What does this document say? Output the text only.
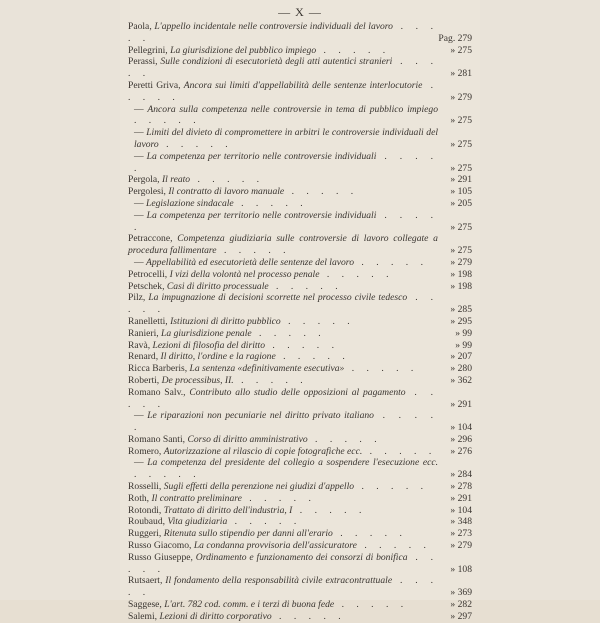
— X —
Paola, L'appello incidentale nelle controversie individuali del lavoro . . . . .	Pag. 279
Pellegrini, La giurisdizione del pubblico impiego . . . . .	» 275
Perassi, Sulle condizioni di esecutorietà degli atti autentici stranieri . . . . .	» 281
Peretti Griva, Ancora sui limiti d'appellabilità delle sentenze interlocutorie . . . . .	» 279
— Ancora sulla competenza nelle controversie in tema di pubblico impiego . . . . .	» 275
— Limiti del divieto di compromettere in arbitri le controversie individuali del lavoro . . . . .	» 275
— La competenza per territorio nelle controversie individuali . . . . .	» 275
Pergola, Il reato . . . . .	» 291
Pergolesi, Il contratto di lavoro manuale . . . . .	» 105
— Legislazione sindacale . . . . .	» 205
— La competenza per territorio nelle controversie individuali . . . . .	» 275
Petraccone, Competenza giudiziaria sulle controversie di lavoro collegate a procedura fallimentare . . . . .	» 275
— Appellabilità ed esecutorietà delle sentenze del lavoro . . . . .	» 279
Petrocelli, I vizi della volontà nel processo penale . . . . .	» 198
Petschek, Casi di diritto processuale . . . . .	» 198
Pilz, La impugnazione di decisioni scorrette nel processo civile tedesco . . . . .	» 285
Ranelletti, Istituzioni di diritto pubblico . . . . .	» 295
Ranieri, La giurisdizione penale . . . . .	» 99
Ravà, Lezioni di filosofia del diritto . . . . .	» 99
Renard, Il diritto, l'ordine e la ragione . . . . .	» 207
Ricca Barberis, La sentenza «definitivamente esecutiva» . . . . .	» 280
Roberti, De processibus, II. . . . . .	» 362
Romano Salv., Contributo allo studio delle opposizioni al pagamento . . . . .	» 291
— Le riparazioni non pecuniarie nel diritto privato italiano . . . . .	» 104
Romano Santi, Corso di diritto amministrativo . . . . .	» 296
Romero, Autorizzazione al rilascio di copie fotografiche ecc. . . . . . » 276
— La competenza del presidente del collegio a sospendere l'esecuzione ecc. . . . . .	» 284
Rosselli, Sugli effetti della perenzione nei giudizi d'appello . . . . .	» 278
Roth, Il contratto preliminare . . . . .	» 291
Rotondi, Trattato di diritto dell'industria, I . . . . .	» 104
Roubaud, Vita giudiziaria . . . . .	» 348
Ruggeri, Ritenuta sullo stipendio per danni all'erario . . . . .	» 273
Russo Giacomo, La condanna provvisoria dell'assicuratore . . . . .	» 279
Russo Giuseppe, Ordinamento e funzionamento dei consorzi di bonifica . . . . .	» 108
Rutsaert, Il fondamento della responsabilità civile extracontrattuale . . . . .	» 369
Saggese, L'art. 782 cod. comm. e i terzi di buona fede . . . . .	» 282
Salemi, Lezioni di diritto corporativo . . . . .	» 297
